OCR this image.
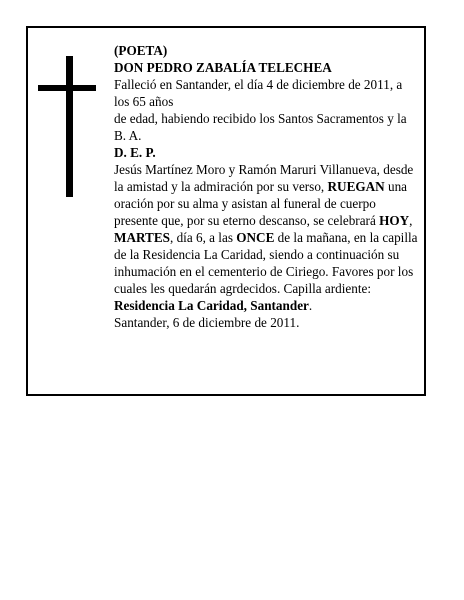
(POETA)

DON PEDRO ZABALÍA TELECHEA

Falleció en Santander, el día 4 de diciembre de 2011, a los 65 años

de edad, habiendo recibido los Santos Sacramentos y la B. A.

D. E. P.

Jesús Martínez Moro y Ramón Maruri Villanueva, desde la amistad y la admiración por su verso, RUEGAN una oración por su alma y asistan al funeral de cuerpo presente que, por su eterno descanso, se celebrará HOY, MARTES, día 6, a las ONCE de la mañana, en la capilla de la Residencia La Caridad, siendo a continuación su inhumación en el cementerio de Ciriego. Favores por los cuales les quedarán agrdecidos. Capilla ardiente: Residencia La Caridad, Santander.

Santander, 6 de diciembre de 2011.
